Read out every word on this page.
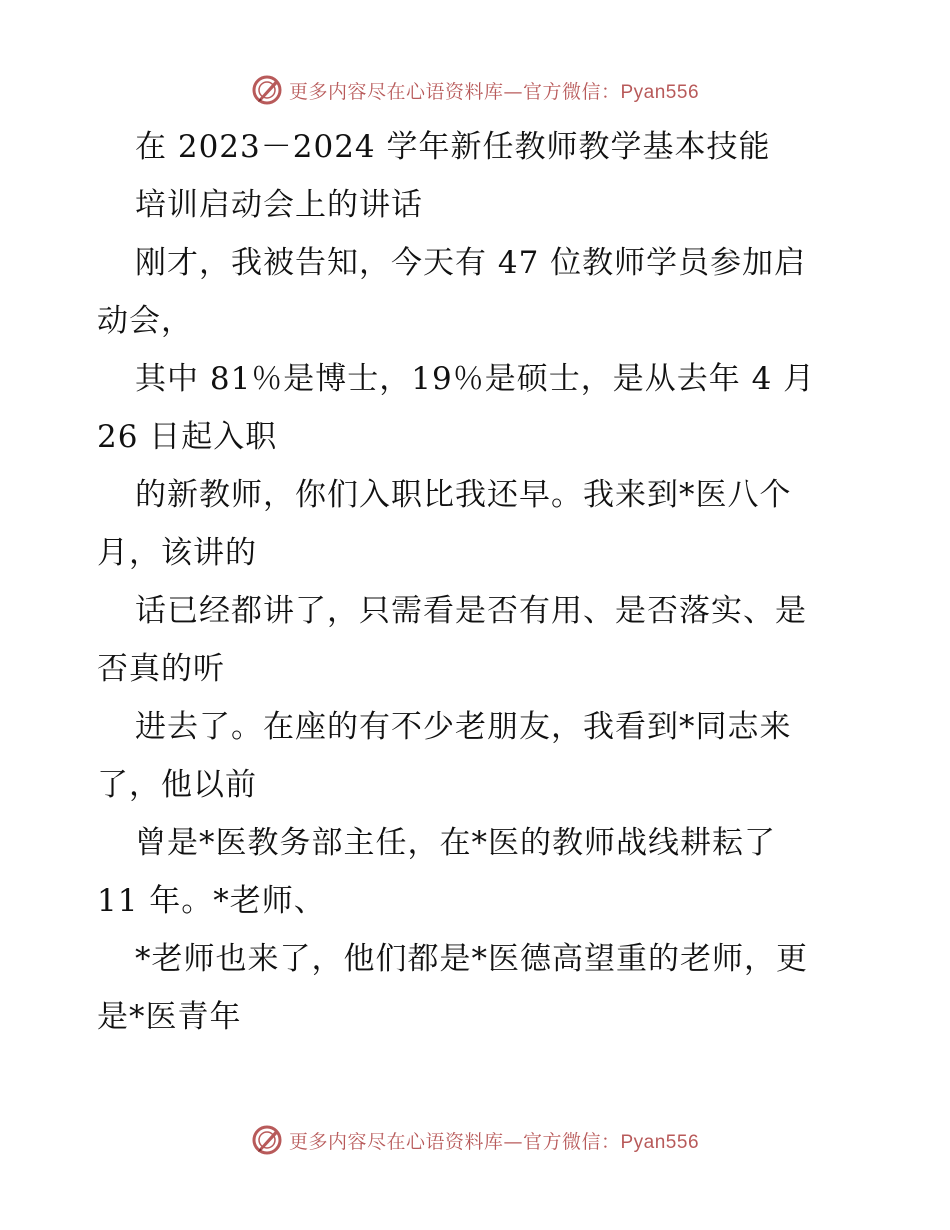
更多内容尽在心语资料库—官方微信：Pyan556
在 2023－2024 学年新任教师教学基本技能
培训启动会上的讲话
刚才，我被告知，今天有 47 位教师学员参加启
动会，
其中 81％是博士，19％是硕士，是从去年 4 月
26 日起入职
的新教师，你们入职比我还早。我来到*医八个
月，该讲的
话已经都讲了，只需看是否有用、是否落实、是
否真的听
进去了。在座的有不少老朋友，我看到*同志来
了，他以前
曾是*医教务部主任，在*医的教师战线耕耘了
11 年。*老师、
*老师也来了，他们都是*医德高望重的老师，更
是*医青年
更多内容尽在心语资料库—官方微信：Pyan556
